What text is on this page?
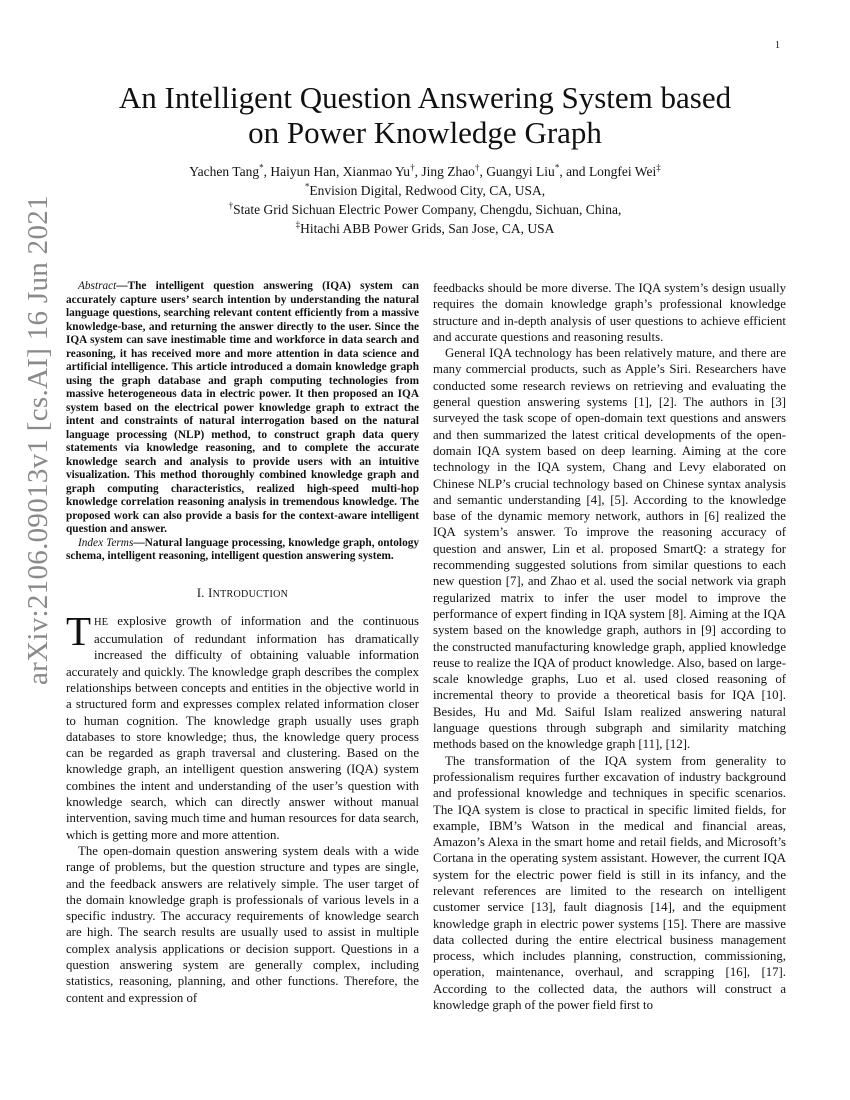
1
arXiv:2106.09013v1 [cs.AI] 16 Jun 2021
An Intelligent Question Answering System based
on Power Knowledge Graph
Yachen Tang*, Haiyun Han, Xianmao Yu†, Jing Zhao†, Guangyi Liu*, and Longfei Wei‡
*Envision Digital, Redwood City, CA, USA,
†State Grid Sichuan Electric Power Company, Chengdu, Sichuan, China,
‡Hitachi ABB Power Grids, San Jose, CA, USA

Abstract—The intelligent question answering (IQA) system can accurately capture users’ search intention by understanding the natural language questions, searching relevant content efficiently from a massive knowledge-base, and returning the answer directly to the user. Since the IQA system can save inestimable time and workforce in data search and reasoning, it has received more and more attention in data science and artificial intelligence. This article introduced a domain knowledge graph using the graph database and graph computing technologies from massive heterogeneous data in electric power. It then proposed an IQA system based on the electrical power knowledge graph to extract the intent and constraints of natural interrogation based on the natural language processing (NLP) method, to construct graph data query statements via knowledge reasoning, and to complete the accurate knowledge search and analysis to provide users with an intuitive visualization. This method thoroughly combined knowledge graph and graph computing characteristics, realized high-speed multi-hop knowledge correlation reasoning analysis in tremendous knowledge. The proposed work can also provide a basis for the context-aware intelligent question and answer.

Index Terms—Natural language processing, knowledge graph, ontology schema, intelligent reasoning, intelligent question answering system.

I. INTRODUCTION

THE explosive growth of information and the continuous accumulation of redundant information has dramatically increased the difficulty of obtaining valuable information accurately and quickly. The knowledge graph describes the complex relationships between concepts and entities in the objective world in a structured form and expresses complex related information closer to human cognition. The knowledge graph usually uses graph databases to store knowledge; thus, the knowledge query process can be regarded as graph traversal and clustering. Based on the knowledge graph, an intelligent question answering (IQA) system combines the intent and understanding of the user’s question with knowledge search, which can directly answer without manual intervention, saving much time and human resources for data search, which is getting more and more attention.

The open-domain question answering system deals with a wide range of problems, but the question structure and types are single, and the feedback answers are relatively simple. The user target of the domain knowledge graph is professionals of various levels in a specific industry. The accuracy requirements of knowledge search are high. The search results are usually used to assist in multiple complex analysis applications or decision support. Questions in a question answering system are generally complex, including statistics, reasoning, planning, and other functions. Therefore, the content and expression of

feedbacks should be more diverse. The IQA system’s design usually requires the domain knowledge graph’s professional knowledge structure and in-depth analysis of user questions to achieve efficient and accurate questions and reasoning results.

General IQA technology has been relatively mature, and there are many commercial products, such as Apple’s Siri. Researchers have conducted some research reviews on retrieving and evaluating the general question answering systems [1], [2]. The authors in [3] surveyed the task scope of open-domain text questions and answers and then summarized the latest critical developments of the open-domain IQA system based on deep learning. Aiming at the core technology in the IQA system, Chang and Levy elaborated on Chinese NLP’s crucial technology based on Chinese syntax analysis and semantic understanding [4], [5]. According to the knowledge base of the dynamic memory network, authors in [6] realized the IQA system’s answer. To improve the reasoning accuracy of question and answer, Lin et al. proposed SmartQ: a strategy for recommending suggested solutions from similar questions to each new question [7], and Zhao et al. used the social network via graph regularized matrix to infer the user model to improve the performance of expert finding in IQA system [8]. Aiming at the IQA system based on the knowledge graph, authors in [9] according to the constructed manufacturing knowledge graph, applied knowledge reuse to realize the IQA of product knowledge. Also, based on large-scale knowledge graphs, Luo et al. used closed reasoning of incremental theory to provide a theoretical basis for IQA [10]. Besides, Hu and Md. Saiful Islam realized answering natural language questions through subgraph and similarity matching methods based on the knowledge graph [11], [12].

The transformation of the IQA system from generality to professionalism requires further excavation of industry background and professional knowledge and techniques in specific scenarios. The IQA system is close to practical in specific limited fields, for example, IBM’s Watson in the medical and financial areas, Amazon’s Alexa in the smart home and retail fields, and Microsoft’s Cortana in the operating system assistant. However, the current IQA system for the electric power field is still in its infancy, and the relevant references are limited to the research on intelligent customer service [13], fault diagnosis [14], and the equipment knowledge graph in electric power systems [15]. There are massive data collected during the entire electrical business management process, which includes planning, construction, commissioning, operation, maintenance, overhaul, and scrapping [16], [17]. According to the collected data, the authors will construct a knowledge graph of the power field first to
